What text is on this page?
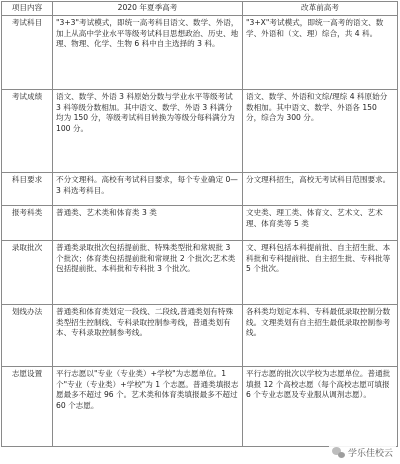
项目内容	2020 年夏季高考	改革前高考
考试科目	"3+3"考试模式，即统一高考科目语文、数学、外语，加上从高中学业水平等级考试科目思想政治、历史、地理、物理、化学、生物 6 科中自主选择的 3 科。	"3+X"考试模式，即统一高考的语文、数学、外语和（文、理）综合，共 4 科。
考试成绩	语文、数学、外语 3 科原始分数与学业水平等级考试 3 科等级分数相加。其中语文、数学、外语 3 科满分均为 150 分，等级考试科目转换为等级分每科满分为 100 分。	语文、数学、外语和文综/理综 4 科原始分数相加。其中语文、数学、外语各 150 分，综合为 300 分。
科目要求	不分文理科。高校有考试科目要求，每个专业确定 0—3 科选考科目。	分文理科招生，高校无考试科目范围要求。
报考科类	普通类、艺术类和体育类 3 类	文史类、理工类、体育文、艺术文、艺术理、体育类等 5 类
录取批次	普通类录取批次包括提前批、特殊类型批和常规批 3 个批次；体育类包括提前批和常规批 2 个批次;艺术类包括提前批、本科批和专科批 3 个批次。	文、理科包括本科提前批、自主招生批、本科批和专科提前批、自主招生批、专科批等 5 个批次。
划线办法	普通类和体育类划定一段线、二段线,普通类划有特殊类型招生控制线、专科录取控制参考线，普通类划有本、专科录取控制参考线。	各科类均划定本科、专科最低录取控制分数线。文理类划有自主招生最低录取控制参考线。
志愿设置	平行志愿以"专业（专业类）+学校"为志愿单位。1 个"专业（专业类）+学校"为 1 个志愿。普通类填报志愿最多不超过 96 个。艺术类和体育类填报最多不超过 60 个志愿。	平行志愿的批次以学校为志愿单位。普通批填报 12 个高校志愿（每个高校志愿可填报 6 个专业志愿及专业服从调剂志愿）。
学乐佳校云
